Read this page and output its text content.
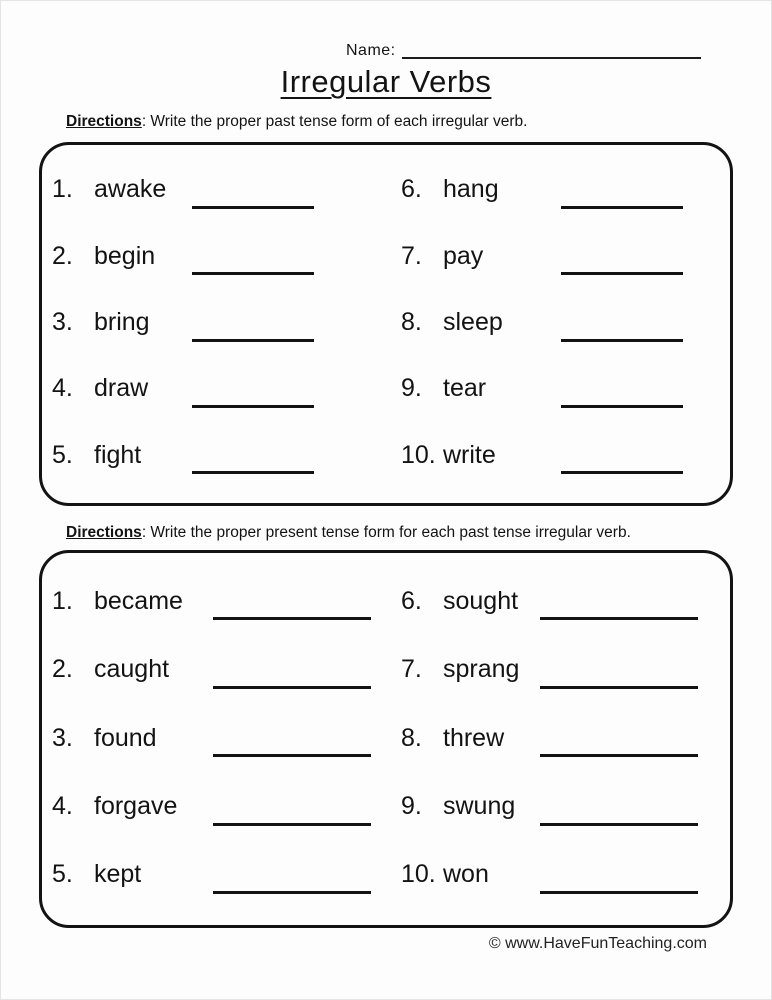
Name:
Irregular Verbs
Directions: Write the proper past tense form of each irregular verb.
1. awake
2. begin
3. bring
4. draw
5. fight
6. hang
7. pay
8. sleep
9. tear
10. write
Directions: Write the proper present tense form for each past tense irregular verb.
1. became
2. caught
3. found
4. forgave
5. kept
6. sought
7. sprang
8. threw
9. swung
10. won
© www.HaveFunTeaching.com
